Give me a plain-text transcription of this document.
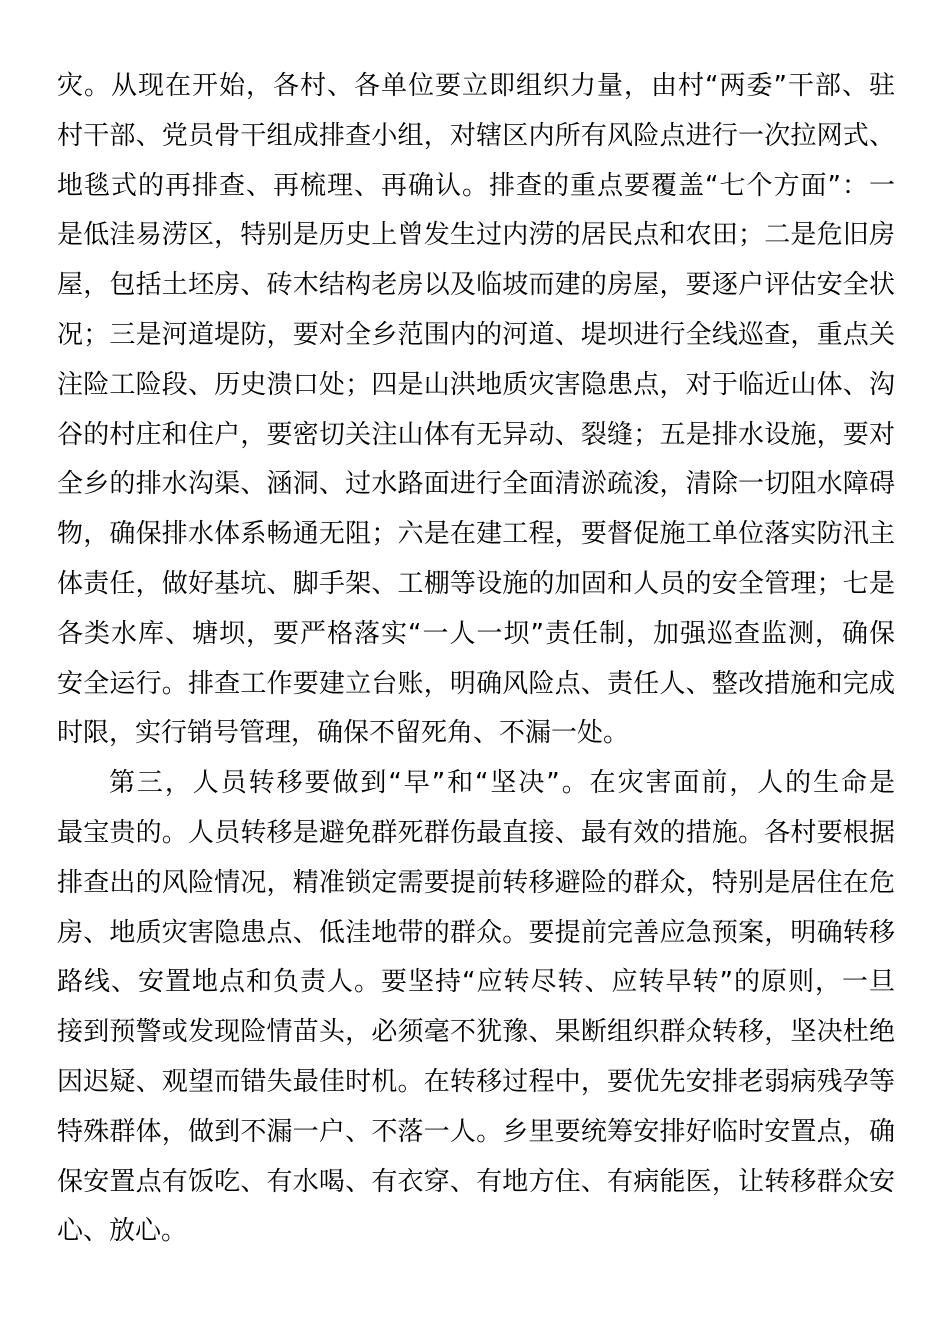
灾。从现在开始，各村、各单位要立即组织力量，由村“两委”干部、驻
村干部、党员骨干组成排查小组，对辖区内所有风险点进行一次拉网式、
地毯式的再排查、再梳理、再确认。排查的重点要覆盖“七个方面”：一
是低洼易涝区，特别是历史上曾发生过内涝的居民点和农田；二是危旧房
屋，包括土坯房、砖木结构老房以及临坡而建的房屋，要逐户评估安全状
况；三是河道堤防，要对全乡范围内的河道、堤坝进行全线巡查，重点关
注险工险段、历史溃口处；四是山洪地质灾害隐患点，对于临近山体、沟
谷的村庄和住户，要密切关注山体有无异动、裂缝；五是排水设施，要对
全乡的排水沟渠、涵洞、过水路面进行全面清淤疏浚，清除一切阻水障碍
物，确保排水体系畅通无阻；六是在建工程，要督促施工单位落实防汛主
体责任，做好基坑、脚手架、工棚等设施的加固和人员的安全管理；七是
各类水库、塘坝，要严格落实“一人一坝”责任制，加强巡查监测，确保
安全运行。排查工作要建立台账，明确风险点、责任人、整改措施和完成
时限，实行销号管理，确保不留死角、不漏一处。
第三，人员转移要做到“早”和“坚决”。在灾害面前，人的生命是
最宝贵的。人员转移是避免群死群伤最直接、最有效的措施。各村要根据
排查出的风险情况，精准锁定需要提前转移避险的群众，特别是居住在危
房、地质灾害隐患点、低洼地带的群众。要提前完善应急预案，明确转移
路线、安置地点和负责人。要坚持“应转尽转、应转早转”的原则，一旦
接到预警或发现险情苗头，必须毫不犹豫、果断组织群众转移，坚决杜绝
因迟疑、观望而错失最佳时机。在转移过程中，要优先安排老弱病残孕等
特殊群体，做到不漏一户、不落一人。乡里要统筹安排好临时安置点，确
保安置点有饭吃、有水喝、有衣穿、有地方住、有病能医，让转移群众安
心、放心。
